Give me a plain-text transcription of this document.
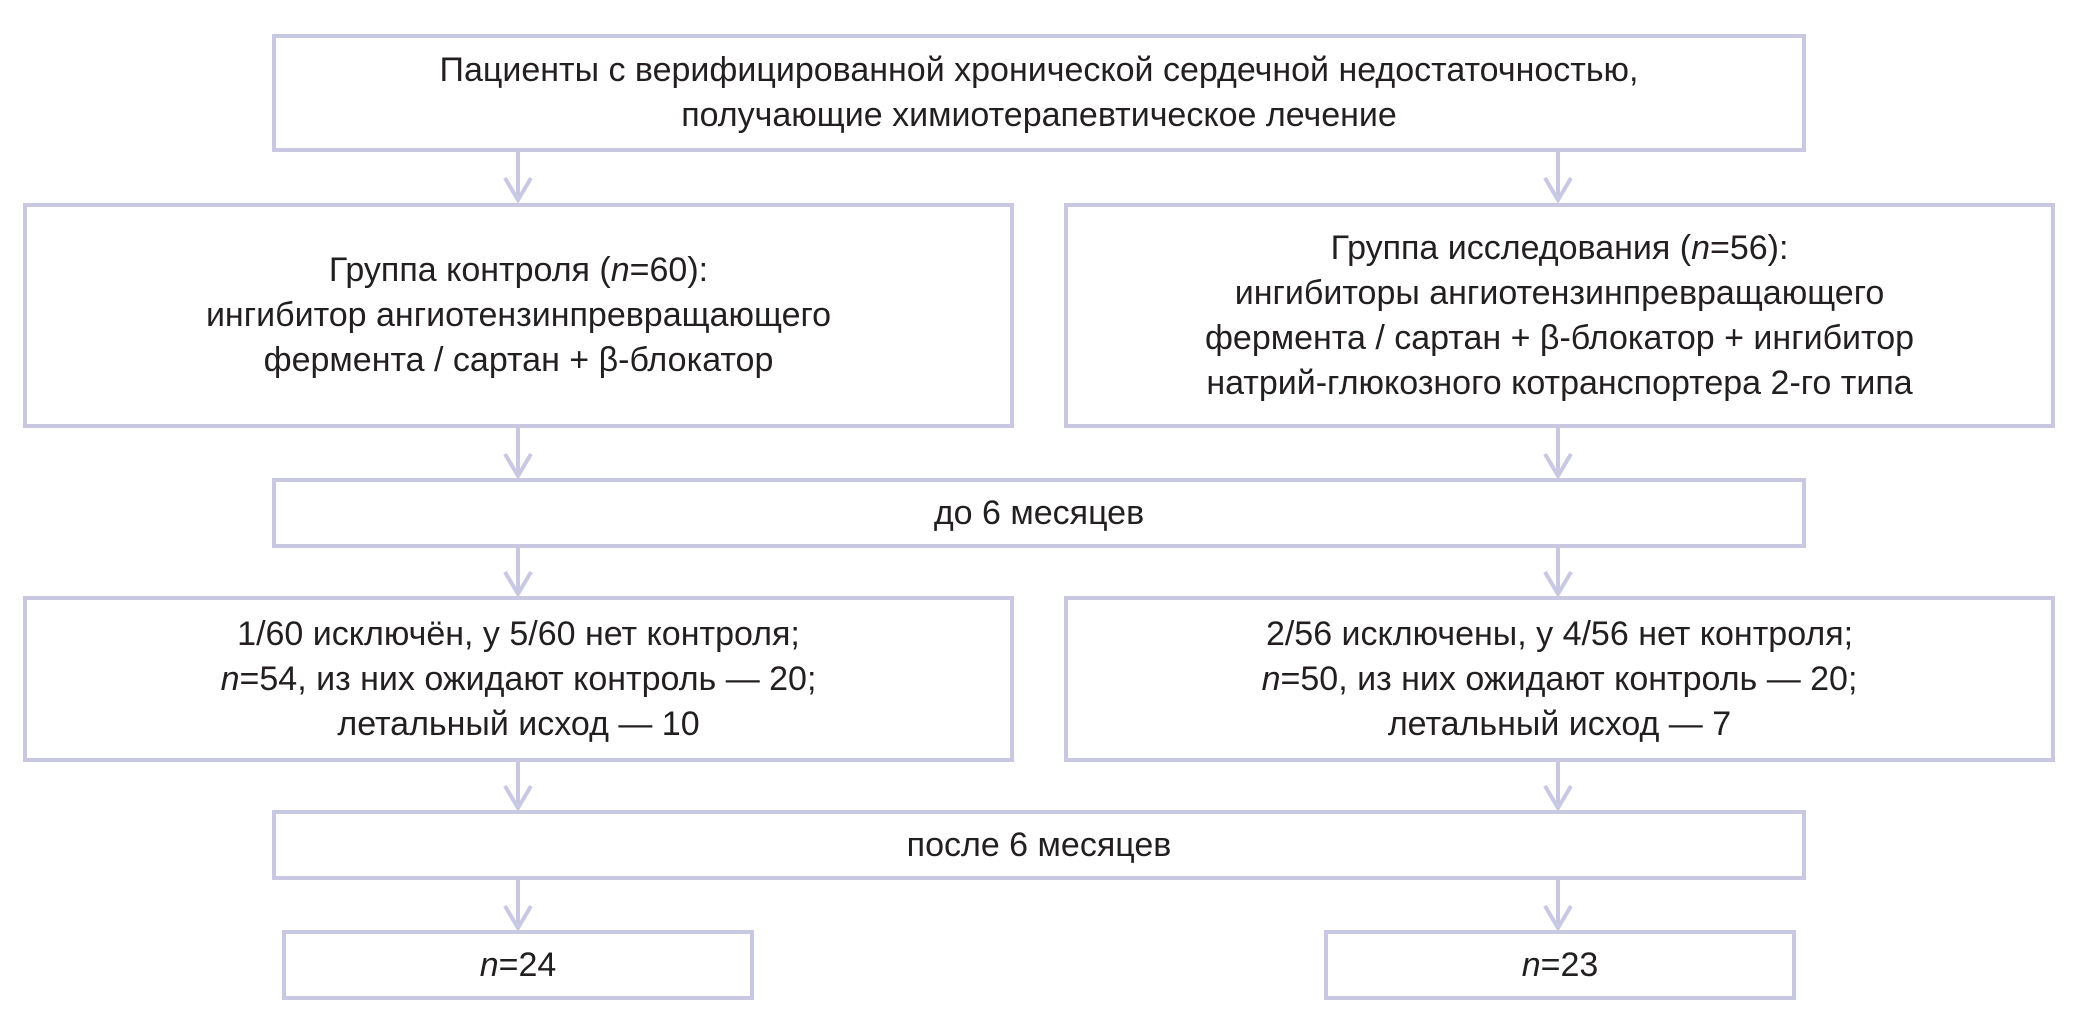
Пациенты с верифицированной хронической сердечной недостаточностью,
получающие химиотерапевтическое лечение
Группа контроля (n=60):
ингибитор ангиотензинпревращающего
фермента / сартан + β-блокатор
Группа исследования (n=56):
ингибиторы ангиотензинпревращающего
фермента / сартан + β-блокатор + ингибитор
натрий-глюкозного котранспортера 2-го типа
до 6 месяцев
1/60 исключён, у 5/60 нет контроля;
n=54, из них ожидают контроль — 20;
летальный исход — 10
2/56 исключены, у 4/56 нет контроля;
n=50, из них ожидают контроль — 20;
летальный исход — 7
после 6 месяцев
n=24	n=23
